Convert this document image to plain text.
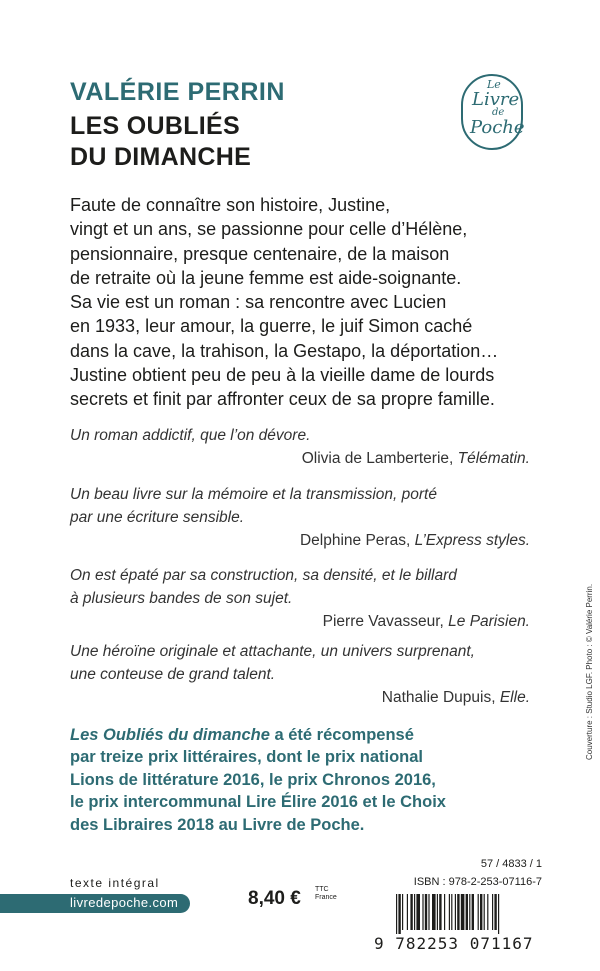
VALÉRIE PERRIN
LES OUBLIÉS
DU DIMANCHE
Le
Livre
de
Poche
Faute de connaître son histoire, Justine,
vingt et un ans, se passionne pour celle d’Hélène,
pensionnaire, presque centenaire, de la maison
de retraite où la jeune femme est aide-soignante.
Sa vie est un roman : sa rencontre avec Lucien
en 1933, leur amour, la guerre, le juif Simon caché
dans la cave, la trahison, la Gestapo, la déportation…
Justine obtient peu de peu à la vieille dame de lourds
secrets et finit par affronter ceux de sa propre famille.
Un roman addictif, que l’on dévore.
Olivia de Lamberterie, Télématin.
Un beau livre sur la mémoire et la transmission, porté
par une écriture sensible.
Delphine Peras, L’Express styles.
On est épaté par sa construction, sa densité, et le billard
à plusieurs bandes de son sujet.
Pierre Vavasseur, Le Parisien.
Une héroïne originale et attachante, un univers surprenant,
une conteuse de grand talent.
Nathalie Dupuis, Elle.
Les Oubliés du dimanche a été récompensé
par treize prix littéraires, dont le prix national
Lions de littérature 2016, le prix Chronos 2016,
le prix intercommunal Lire Élire 2016 et le Choix
des Libraires 2018 au Livre de Poche.
texte intégral
livredepoche.com	8,40 € TTC
France
57 / 4833 / 1
ISBN : 978-2-253-07116-7
9 782253 071167
Couverture : Studio LGF. Photo : © Valérie Perrin.
